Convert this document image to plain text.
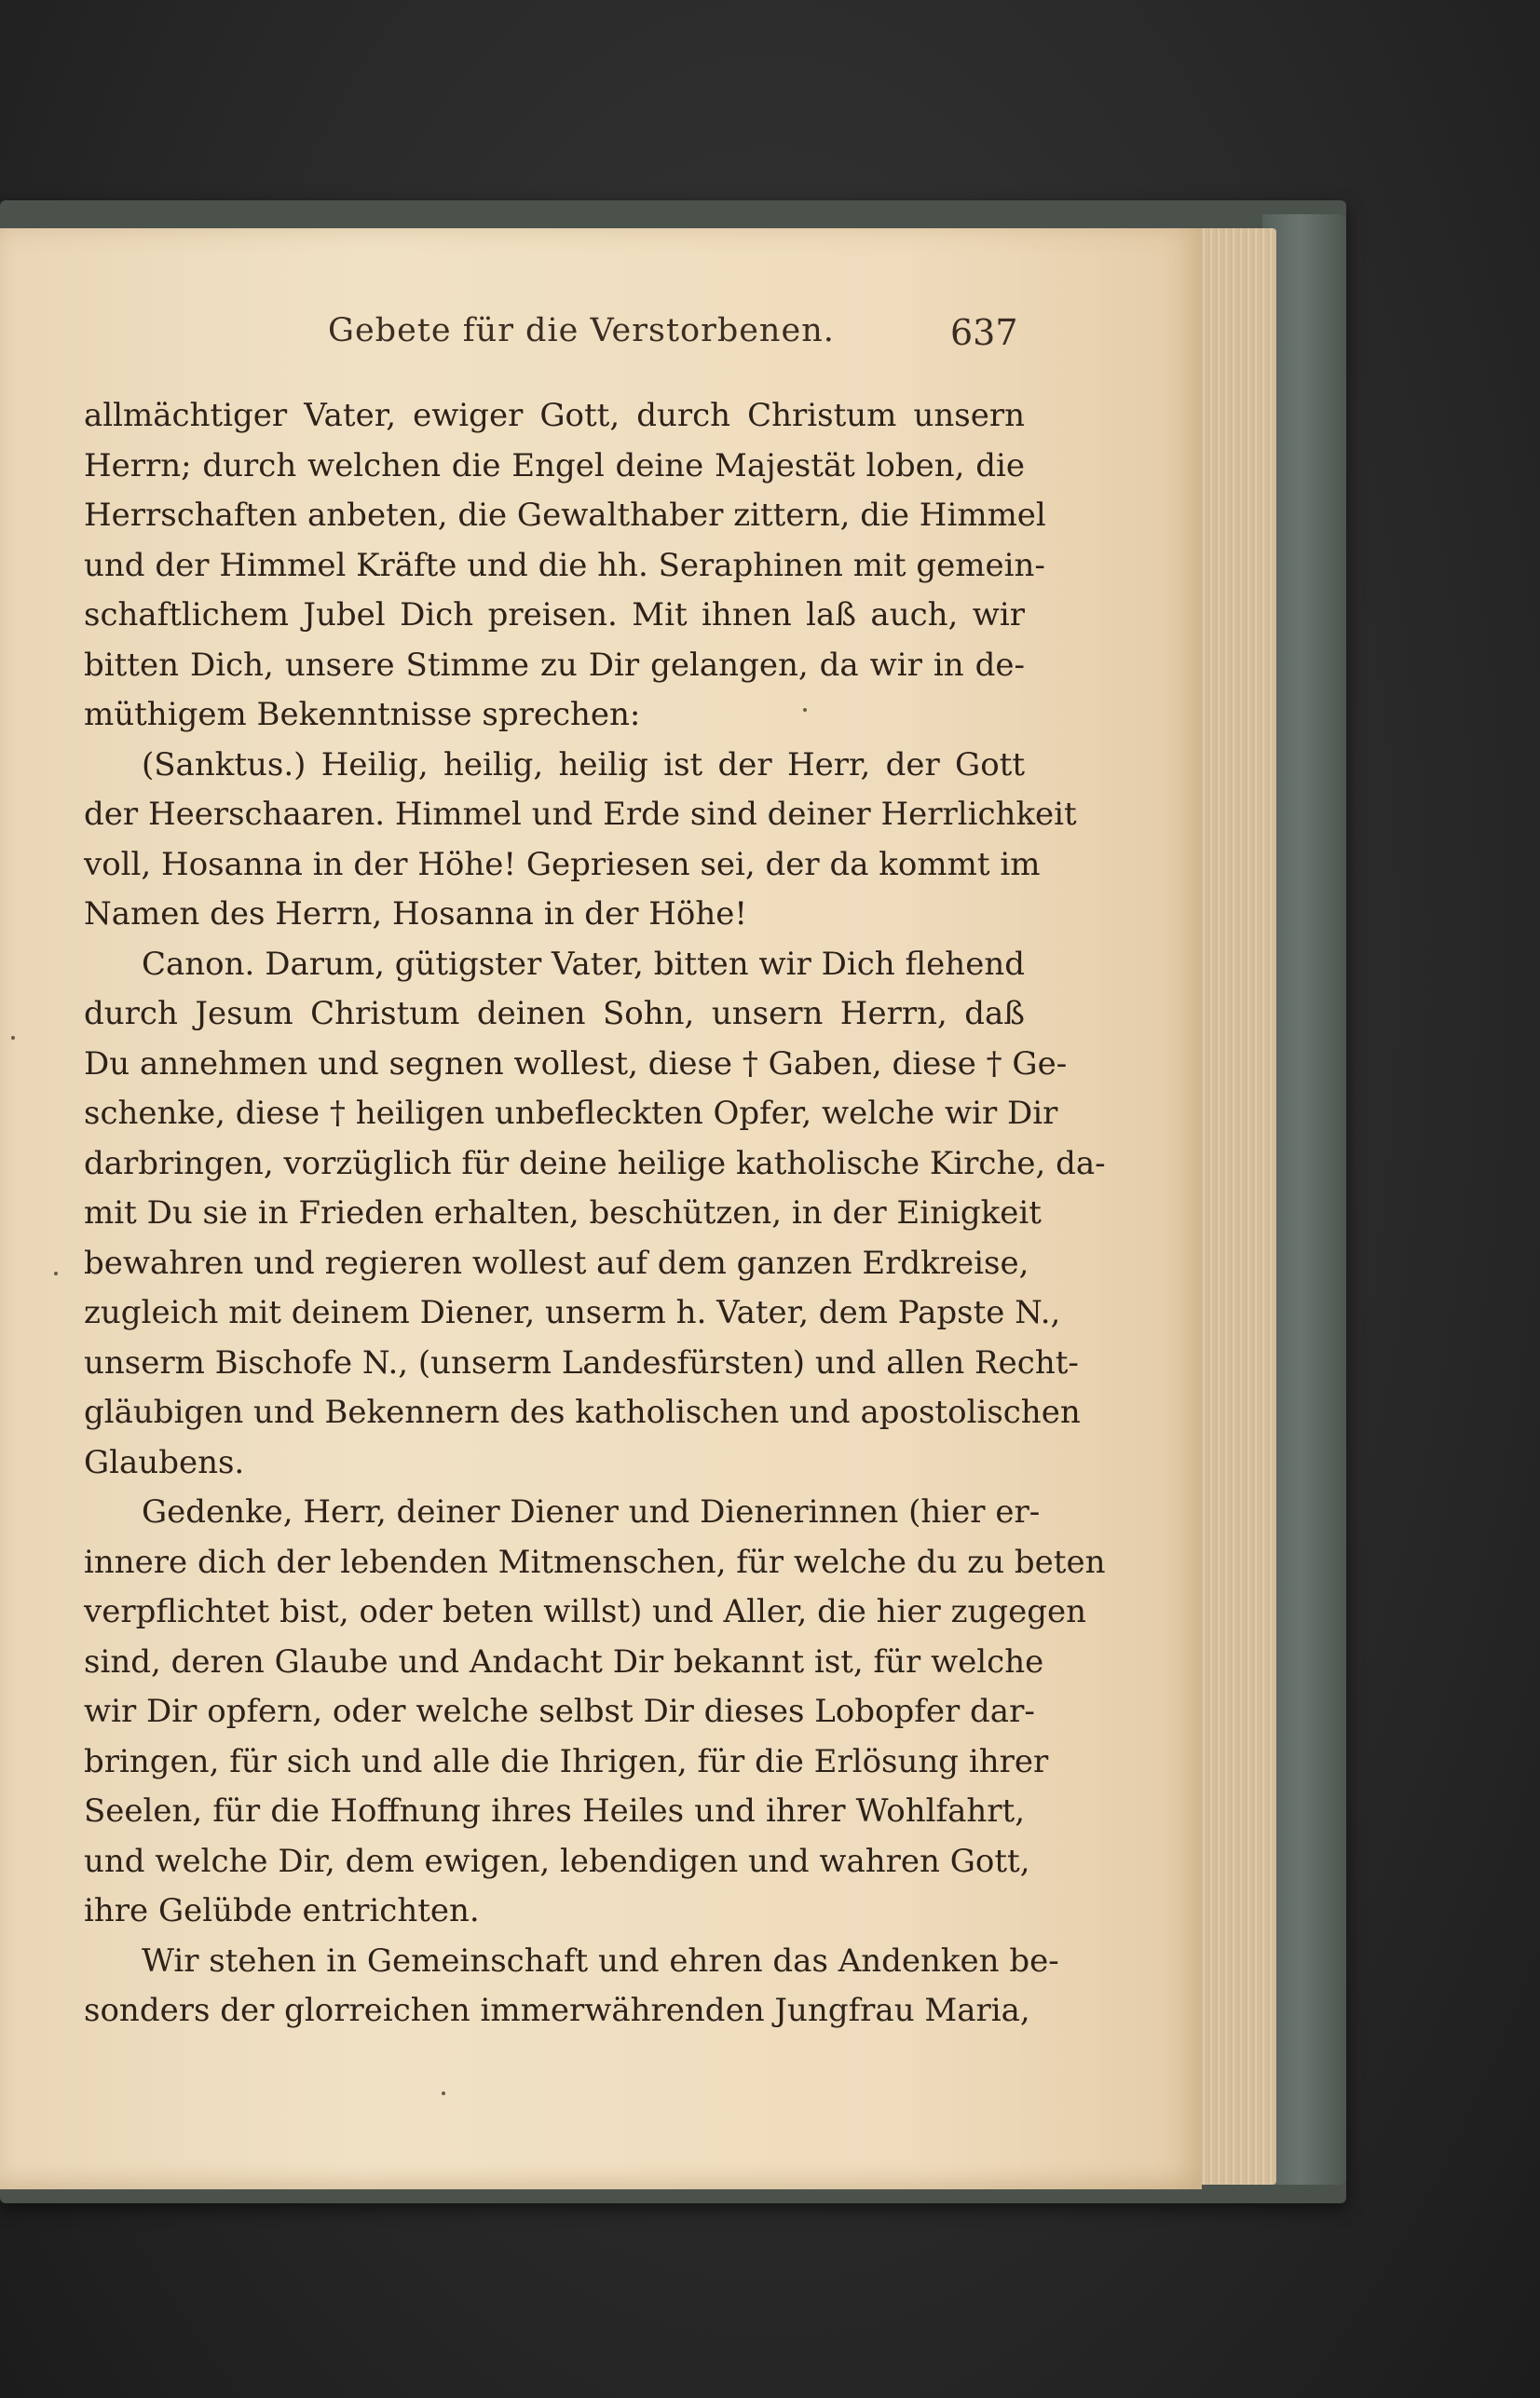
Gebete für die Verstorbenen.	637
allmächtiger Vater, ewiger Gott, durch Christum unsern
Herrn; durch welchen die Engel deine Majestät loben, die
Herrschaften anbeten, die Gewalthaber zittern, die Himmel
und der Himmel Kräfte und die hh. Seraphinen mit gemein-
schaftlichem Jubel Dich preisen. Mit ihnen laß auch, wir
bitten Dich, unsere Stimme zu Dir gelangen, da wir in de-
müthigem Bekenntnisse sprechen:
(Sanktus.) Heilig, heilig, heilig ist der Herr, der Gott
der Heerschaaren. Himmel und Erde sind deiner Herrlichkeit
voll, Hosanna in der Höhe! Gepriesen sei, der da kommt im
Namen des Herrn, Hosanna in der Höhe!
Canon. Darum, gütigster Vater, bitten wir Dich flehend
durch Jesum Christum deinen Sohn, unsern Herrn, daß
Du annehmen und segnen wollest, diese † Gaben, diese † Ge-
schenke, diese † heiligen unbefleckten Opfer, welche wir Dir
darbringen, vorzüglich für deine heilige katholische Kirche, da-
mit Du sie in Frieden erhalten, beschützen, in der Einigkeit
bewahren und regieren wollest auf dem ganzen Erdkreise,
zugleich mit deinem Diener, unserm h. Vater, dem Papste N.,
unserm Bischofe N., (unserm Landesfürsten) und allen Recht-
gläubigen und Bekennern des katholischen und apostolischen
Glaubens.
Gedenke, Herr, deiner Diener und Dienerinnen (hier er-
innere dich der lebenden Mitmenschen, für welche du zu beten
verpflichtet bist, oder beten willst) und Aller, die hier zugegen
sind, deren Glaube und Andacht Dir bekannt ist, für welche
wir Dir opfern, oder welche selbst Dir dieses Lobopfer dar-
bringen, für sich und alle die Ihrigen, für die Erlösung ihrer
Seelen, für die Hoffnung ihres Heiles und ihrer Wohlfahrt,
und welche Dir, dem ewigen, lebendigen und wahren Gott,
ihre Gelübde entrichten.
Wir stehen in Gemeinschaft und ehren das Andenken be-
sonders der glorreichen immerwährenden Jungfrau Maria,
